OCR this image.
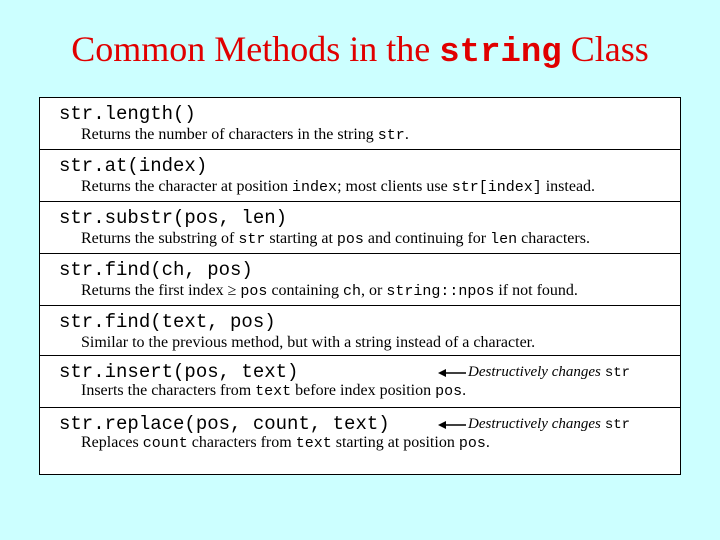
Common Methods in the string Class
str.length()
Returns the number of characters in the string str.
str.at(index)
Returns the character at position index; most clients use str[index] instead.
str.substr(pos, len)
Returns the substring of str starting at pos and continuing for len characters.
str.find(ch, pos)
Returns the first index ≥ pos containing ch, or string::npos if not found.
str.find(text, pos)
Similar to the previous method, but with a string instead of a character.
str.insert(pos, text)	Destructively changes str
Inserts the characters from text before index position pos.
str.replace(pos, count, text)	Destructively changes str
Replaces count characters from text starting at position pos.
